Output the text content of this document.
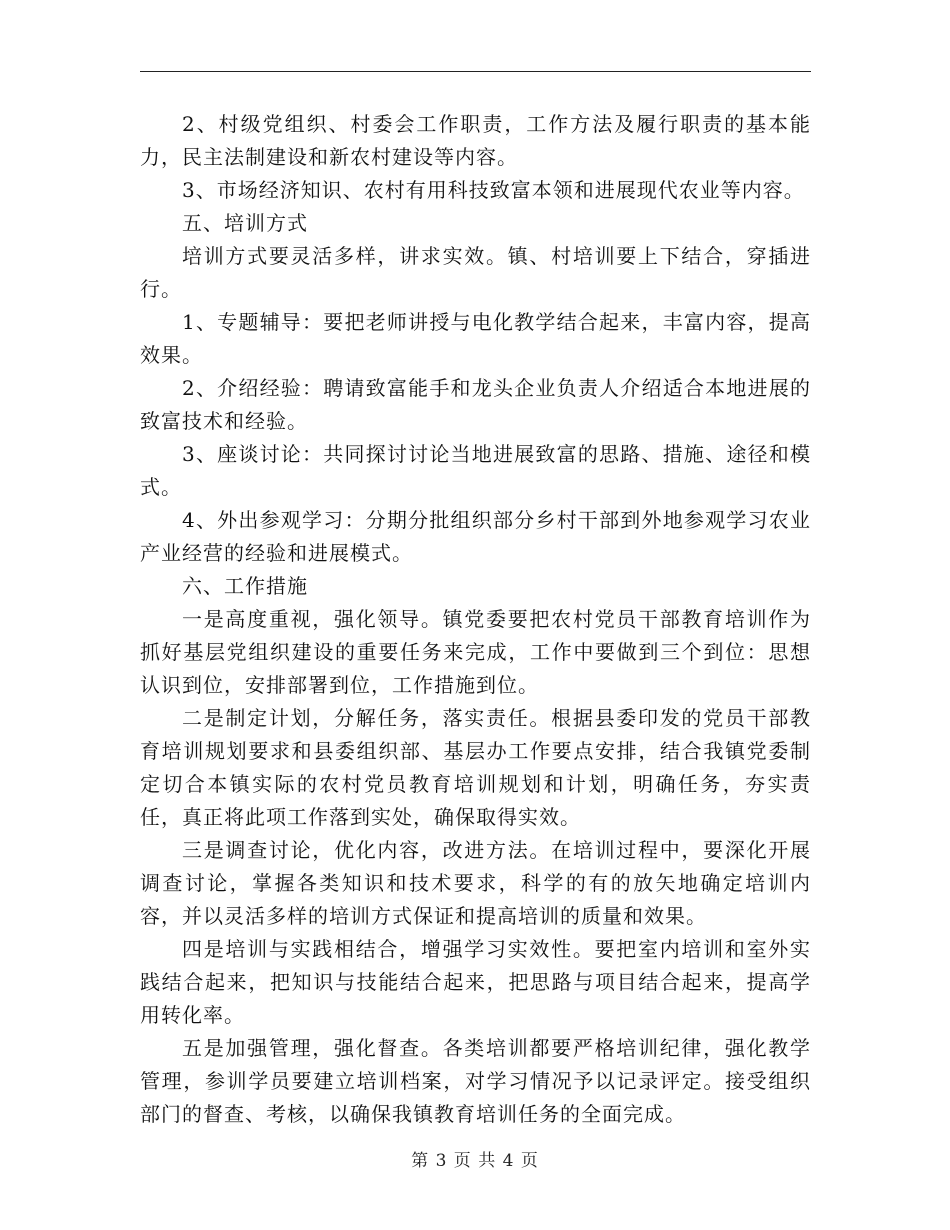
2、村级党组织、村委会工作职责，工作方法及履行职责的基本能力，民主法制建设和新农村建设等内容。

3、市场经济知识、农村有用科技致富本领和进展现代农业等内容。

五、培训方式

培训方式要灵活多样，讲求实效。镇、村培训要上下结合，穿插进行。

1、专题辅导：要把老师讲授与电化教学结合起来，丰富内容，提高效果。

2、介绍经验：聘请致富能手和龙头企业负责人介绍适合本地进展的致富技术和经验。

3、座谈讨论：共同探讨讨论当地进展致富的思路、措施、途径和模式。

4、外出参观学习：分期分批组织部分乡村干部到外地参观学习农业产业经营的经验和进展模式。

六、工作措施

一是高度重视，强化领导。镇党委要把农村党员干部教育培训作为抓好基层党组织建设的重要任务来完成，工作中要做到三个到位：思想认识到位，安排部署到位，工作措施到位。

二是制定计划，分解任务，落实责任。根据县委印发的党员干部教育培训规划要求和县委组织部、基层办工作要点安排，结合我镇党委制定切合本镇实际的农村党员教育培训规划和计划，明确任务，夯实责任，真正将此项工作落到实处，确保取得实效。

三是调查讨论，优化内容，改进方法。在培训过程中，要深化开展调查讨论，掌握各类知识和技术要求，科学的有的放矢地确定培训内容，并以灵活多样的培训方式保证和提高培训的质量和效果。

四是培训与实践相结合，增强学习实效性。要把室内培训和室外实践结合起来，把知识与技能结合起来，把思路与项目结合起来，提高学用转化率。

五是加强管理，强化督查。各类培训都要严格培训纪律，强化教学管理，参训学员要建立培训档案，对学习情况予以记录评定。接受组织部门的督查、考核，以确保我镇教育培训任务的全面完成。

第 3 页 共 4 页
